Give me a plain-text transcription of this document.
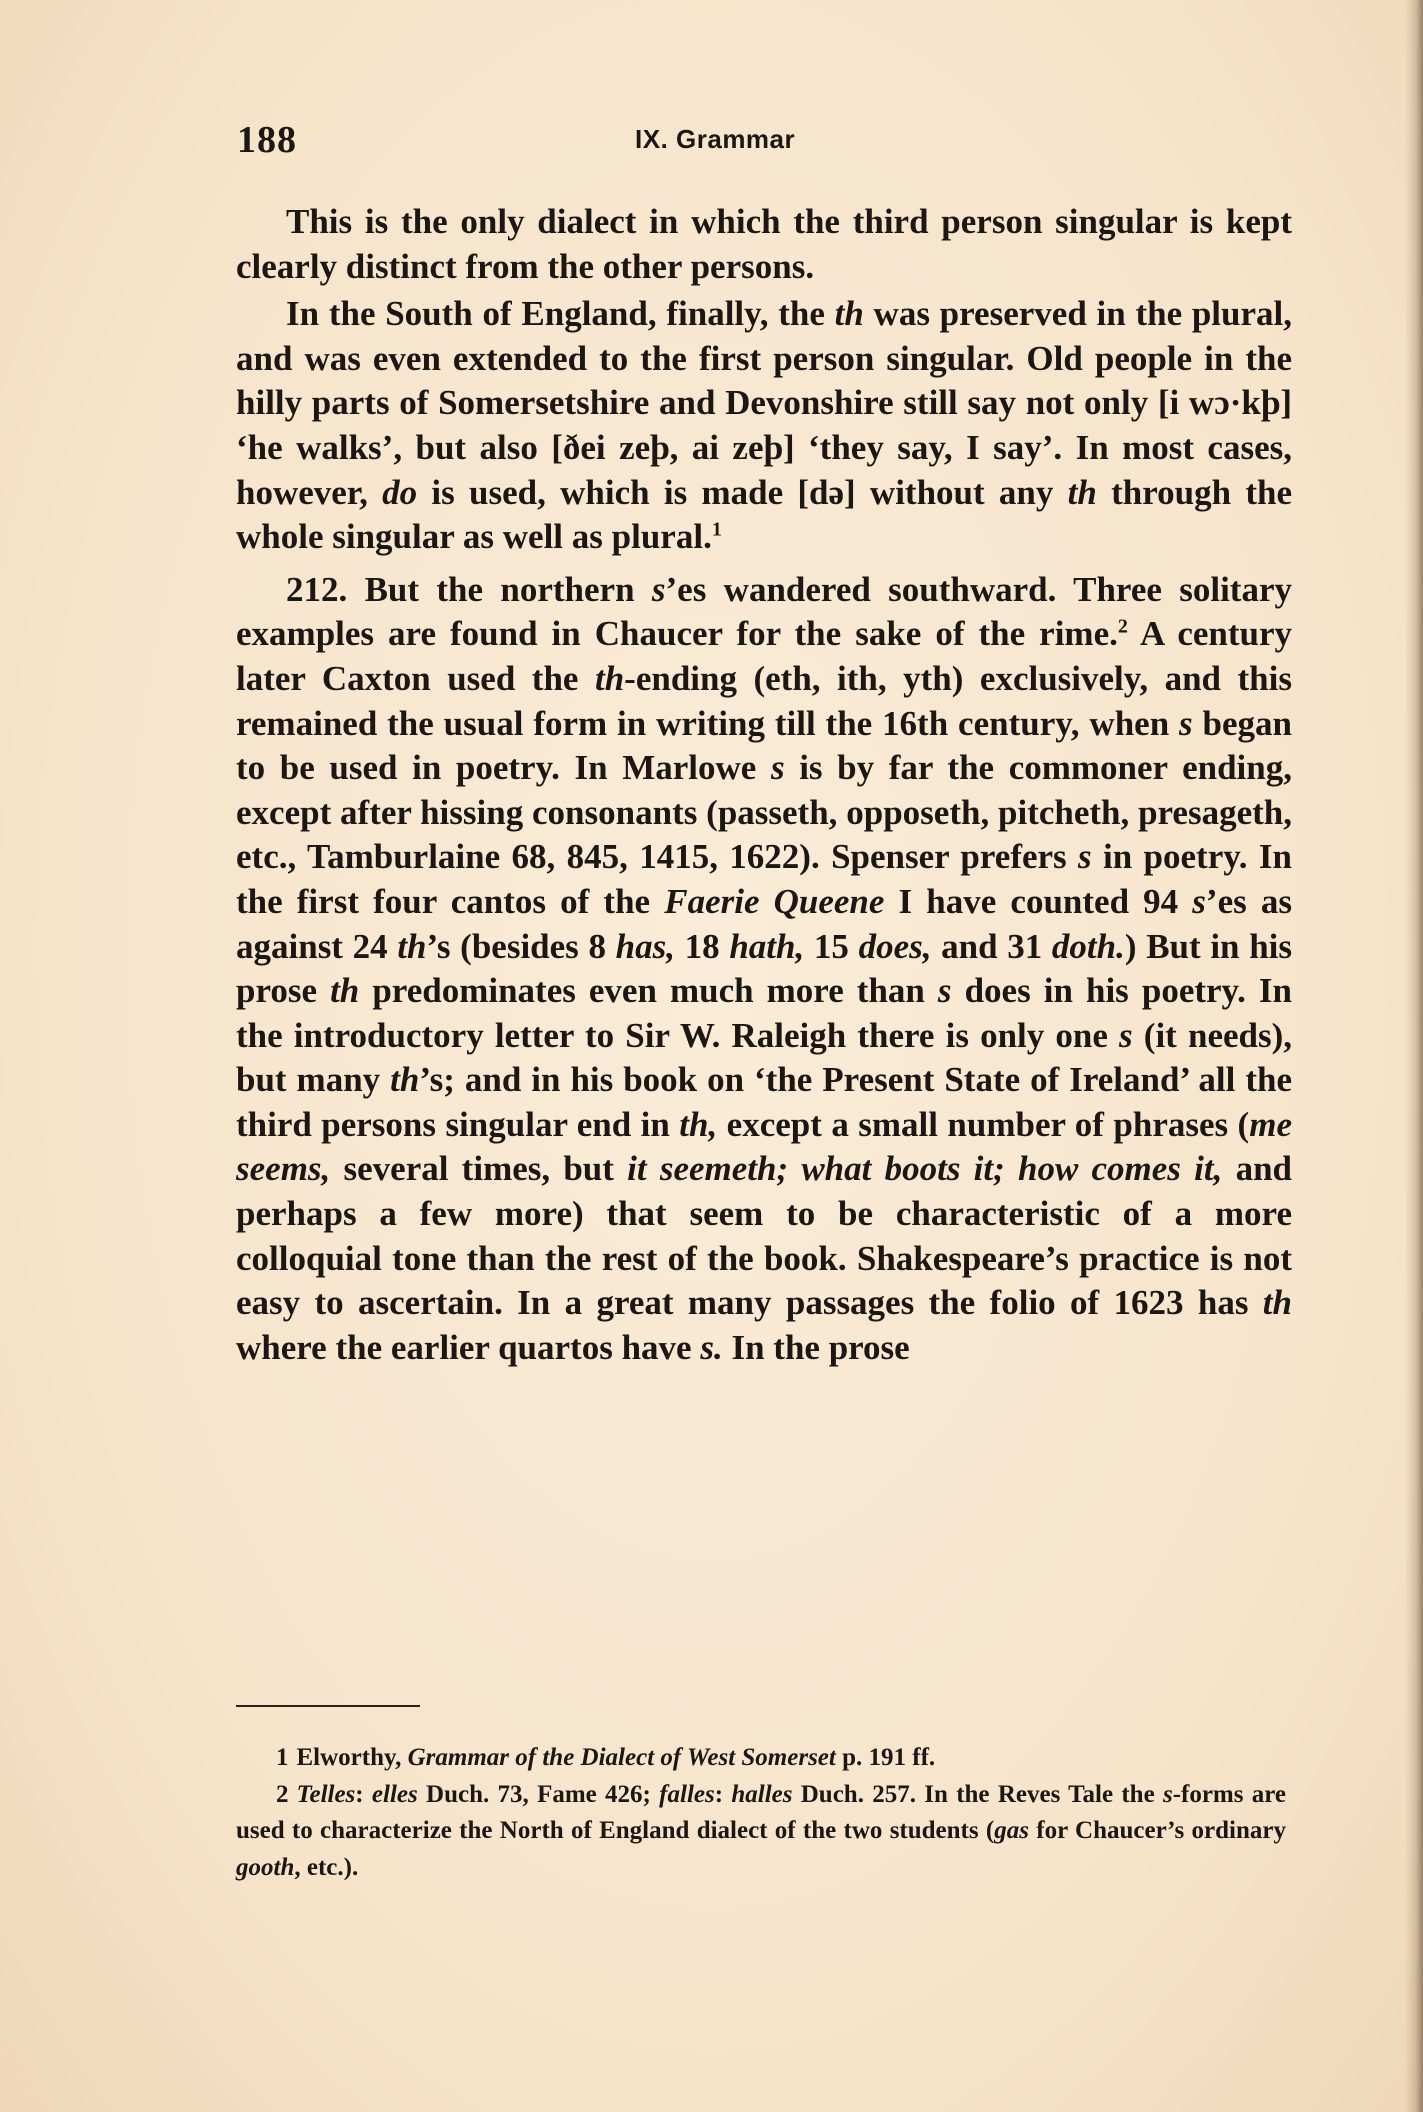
188	IX. Grammar

This is the only dialect in which the third person singular is kept clearly distinct from the other persons.

In the South of England, finally, the th was preserved in the plural, and was even extended to the first person singular. Old people in the hilly parts of Somersetshire and Devonshire still say not only [i wɔ·kþ] ‘he walks’, but also [ðei zeþ, ai zeþ] ‘they say, I say’. In most cases, however, do is used, which is made [də] without any th through the whole singular as well as plural.$^1$

212. But the northern s’es wandered southward. Three solitary examples are found in Chaucer for the sake of the rime.$^2$ A century later Caxton used the th-ending (eth, ith, yth) exclusively, and this remained the usual form in writing till the 16th century, when s began to be used in poetry. In Marlowe s is by far the commoner ending, except after hissing consonants (passeth, opposeth, pitcheth, presageth, etc., Tamburlaine 68, 845, 1415, 1622). Spenser prefers s in poetry. In the first four cantos of the Faerie Queene I have counted 94 s’es as against 24 th’s (besides 8 has, 18 hath, 15 does, and 31 doth.) But in his prose th predominates even much more than s does in his poetry. In the introductory letter to Sir W. Raleigh there is only one s (it needs), but many th’s; and in his book on ‘the Present State of Ireland’ all the third persons singular end in th, except a small number of phrases (me seems, several times, but it seemeth; what boots it; how comes it, and perhaps a few more) that seem to be characteristic of a more colloquial tone than the rest of the book. Shakespeare’s practice is not easy to ascertain. In a great many passages the folio of 1623 has th where the earlier quartos have s. In the prose

1 Elworthy, Grammar of the Dialect of West Somerset p. 191 ff.

2 Telles: elles Duch. 73, Fame 426; falles: halles Duch. 257. In the Reves Tale the s-forms are used to characterize the North of England dialect of the two students (gas for Chaucer’s ordinary gooth, etc.).
